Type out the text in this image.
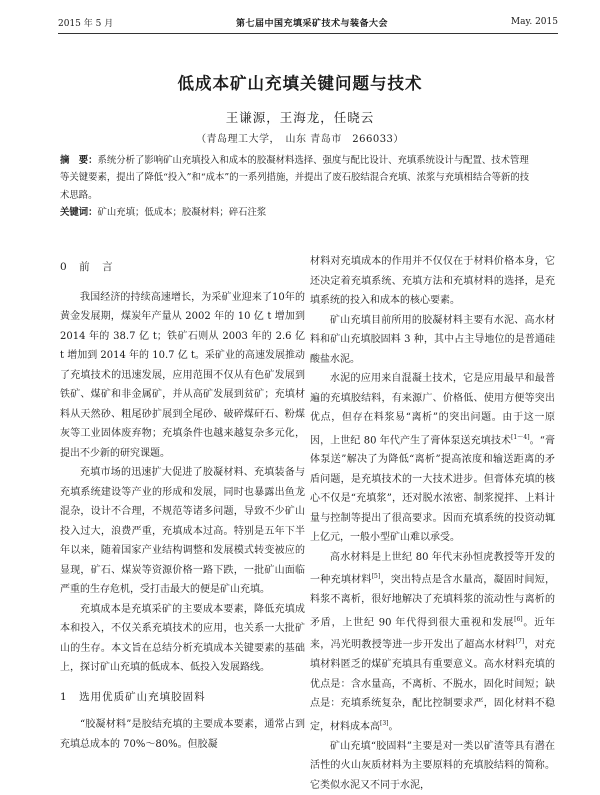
2015 年 5 月	第七届中国充填采矿技术与装备大会	May. 2015
低成本矿山充填关键问题与技术
王谦源，王海龙，任晓云
（青岛理工大学，　山东 青岛市　266033）
摘　要：系统分析了影响矿山充填投入和成本的胶凝材料选择、强度与配比设计、充填系统设计与配置、技术管理等关键要素，提出了降低“投入”和“成本”的一系列措施，并提出了废石胶结混合充填、浓浆与充填相结合等新的技术思路。
关键词：矿山充填；低成本；胶凝材料；碎石注浆
0　前　言

我国经济的持续高速增长，为采矿业迎来了10年的黄金发展期，煤炭年产量从 2002 年的 10 亿 t 增加到 2014 年的 38.7 亿 t；铁矿石则从 2003 年的 2.6 亿 t 增加到 2014 年的 10.7 亿 t。采矿业的高速发展推动了充填技术的迅速发展，应用范围不仅从有色矿发展到铁矿、煤矿和非金属矿，并从高矿发展到贫矿；充填材料从天然砂、粗尾砂扩展到全尾砂、破碎煤矸石、粉煤灰等工业固体废弃物；充填条件也越来越复杂多元化，提出不少新的研究课题。

充填市场的迅速扩大促进了胶凝材料、充填装备与充填系统建设等产业的形成和发展，同时也暴露出鱼龙混杂，设计不合理，不规范等诸多问题，导致不少矿山投入过大，浪费严重，充填成本过高。特别是五年下半年以来，随着国家产业结构调整和发展模式转变被应的显现，矿石、煤炭等资源价格一路下跌，一批矿山面临严重的生存危机，受打击最大的便是矿山充填。

充填成本是充填采矿的主要成本要素，降低充填成本和投入，不仅关系充填技术的应用，也关系一大批矿山的生存。本文旨在总结分析充填成本关键要素的基础上，探讨矿山充填的低成本、低投入发展路线。

1　选用优质矿山充填胶固料

“胶凝材料”是胶结充填的主要成本要素，通常占到充填总成本的 70%～80%。但胶凝

材料对充填成本的作用并不仅仅在于材料价格本身，它还决定着充填系统、充填方法和充填材料的选择，是充填系统的投入和成本的核心要素。

矿山充填目前所用的胶凝材料主要有水泥、高水材料和矿山充填胶固料 3 种，其中占主导地位的是普通硅酸盐水泥。

水泥的应用来自混凝土技术，它是应用最早和最普遍的充填胶结料，有来源广、价格低、使用方便等突出优点，但存在料浆易“离析”的突出问题。由于这一原因，上世纪 80 年代产生了膏体泵送充填技术[1～4]。“膏体泵送”解决了为降低“离析”提高浓度和输送距离的矛盾问题，是充填技术的一大技术进步。但膏体充填的核心不仅是“充填浆”，还对脱水浓密、制浆搅拌、上料计量与控制等提出了很高要求。因而充填系统的投资动辄上亿元，一般小型矿山难以承受。

高水材料是上世纪 80 年代末孙恒虎教授等开发的一种充填材料[5]，突出特点是含水量高，凝固时间短，料浆不离析，很好地解决了充填料浆的流动性与离析的矛盾，上世纪 90 年代得到很大重视和发展[6]。近年来，冯光明教授等进一步开发出了超高水材料[7]，对充填材料匿乏的煤矿充填具有重要意义。高水材料充填的优点是：含水量高，不离析、不脱水，固化时间短；缺点是：充填系统复杂，配比控制要求严，固化材料不稳定，材料成本高[3]。

矿山充填“胶固料”主要是对一类以矿渣等具有潜在活性的火山灰质材料为主要原料的充填胶结料的简称。它类似水泥又不同于水泥，
